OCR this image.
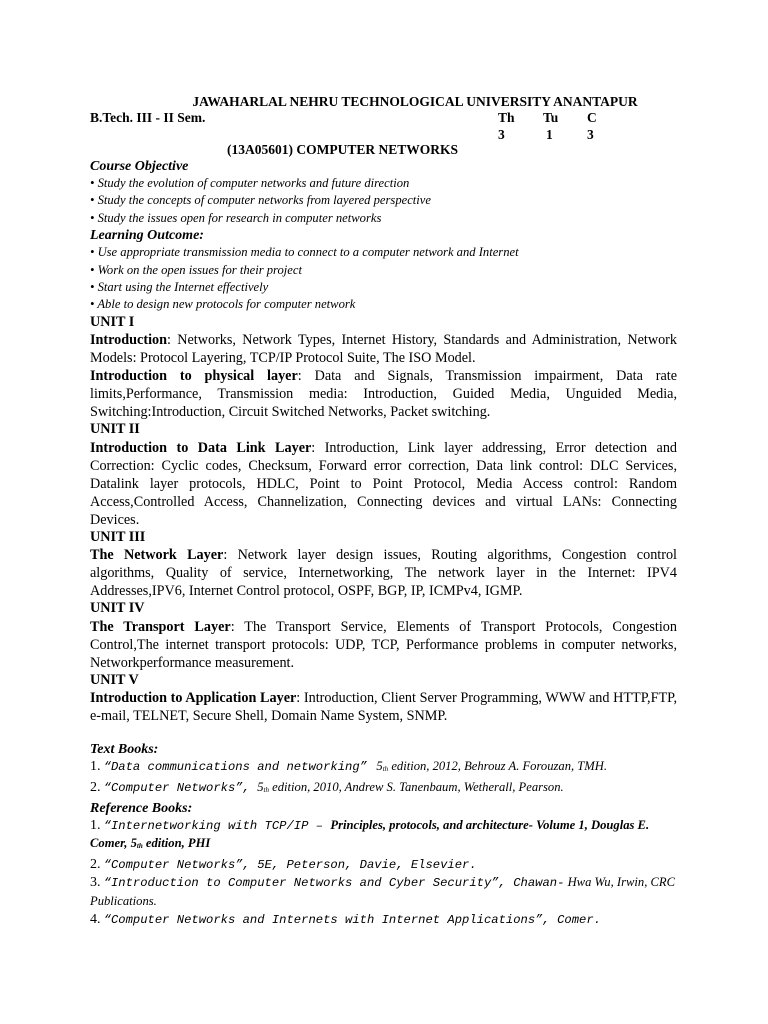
JAWAHARLAL NEHRU TECHNOLOGICAL UNIVERSITY ANANTAPUR
B.Tech. III - II Sem.	Th Tu C
3	1	3
(13A05601) COMPUTER NETWORKS
Course Objective
• Study the evolution of computer networks and future direction
• Study the concepts of computer networks from layered perspective
• Study the issues open for research in computer networks
Learning Outcome:
• Use appropriate transmission media to connect to a computer network and Internet
• Work on the open issues for their project
• Start using the Internet effectively
• Able to design new protocols for computer network
UNIT I
Introduction: Networks, Network Types, Internet History, Standards and Administration, Network Models: Protocol Layering, TCP/IP Protocol Suite, The ISO Model.
Introduction to physical layer: Data and Signals, Transmission impairment, Data rate limits,Performance, Transmission media: Introduction, Guided Media, Unguided Media, Switching:Introduction, Circuit Switched Networks, Packet switching.
UNIT II
Introduction to Data Link Layer: Introduction, Link layer addressing, Error detection and Correction: Cyclic codes, Checksum, Forward error correction, Data link control: DLC Services, Datalink layer protocols, HDLC, Point to Point Protocol, Media Access control: Random Access,Controlled Access, Channelization, Connecting devices and virtual LANs: Connecting Devices.
UNIT III
The Network Layer: Network layer design issues, Routing algorithms, Congestion control algorithms, Quality of service, Internetworking, The network layer in the Internet: IPV4 Addresses,IPV6, Internet Control protocol, OSPF, BGP, IP, ICMPv4, IGMP.
UNIT IV
The Transport Layer: The Transport Service, Elements of Transport Protocols, Congestion Control,The internet transport protocols: UDP, TCP, Performance problems in computer networks, Networkperformance measurement.
UNIT V
Introduction to Application Layer: Introduction, Client Server Programming, WWW and HTTP,FTP, e-mail, TELNET, Secure Shell, Domain Name System, SNMP.
Text Books:
1. “Data communications and networking” $5_{th}$ edition, 2012, Behrouz A. Forouzan, TMH.
2. “Computer Networks”, $5_{th}$ edition, 2010, Andrew S. Tanenbaum, Wetherall, Pearson.
Reference Books:
1. “Internetworking with TCP/IP – Principles, protocols, and architecture- Volume 1, Douglas E. Comer, $5_{th}$ edition, PHI
2. “Computer Networks”, 5E, Peterson, Davie, Elsevier.
3. “Introduction to Computer Networks and Cyber Security”, Chawan- Hwa Wu, Irwin, CRC Publications.
4. “Computer Networks and Internets with Internet Applications”, Comer.
